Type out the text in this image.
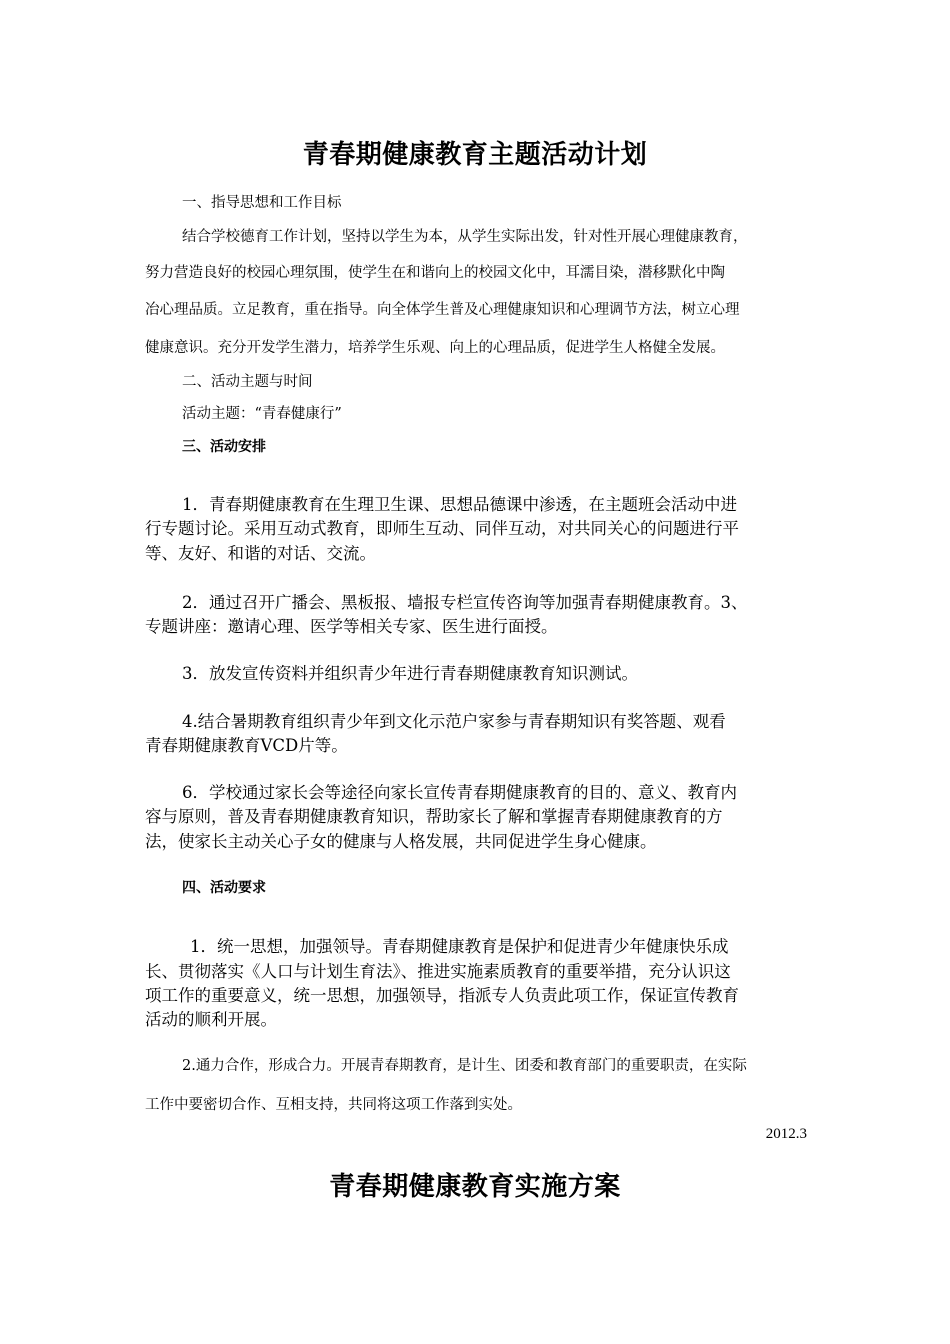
青春期健康教育主题活动计划
一、指导思想和工作目标
结合学校德育工作计划，坚持以学生为本，从学生实际出发，针对性开展心理健康教育，
努力营造良好的校园心理氛围，使学生在和谐向上的校园文化中，耳濡目染，潜移默化中陶
冶心理品质。立足教育，重在指导。向全体学生普及心理健康知识和心理调节方法，树立心理
健康意识。充分开发学生潜力，培养学生乐观、向上的心理品质，促进学生人格健全发展。
二、活动主题与时间
活动主题：“青春健康行”
三、活动安排
1．青春期健康教育在生理卫生课、思想品德课中渗透，在主题班会活动中进
行专题讨论。采用互动式教育，即师生互动、同伴互动，对共同关心的问题进行平
等、友好、和谐的对话、交流。
2．通过召开广播会、黑板报、墙报专栏宣传咨询等加强青春期健康教育。3、
专题讲座：邀请心理、医学等相关专家、医生进行面授。
3．放发宣传资料并组织青少年进行青春期健康教育知识测试。
4.结合暑期教育组织青少年到文化示范户家参与青春期知识有奖答题、观看
青春期健康教育VCD片等。
6．学校通过家长会等途径向家长宣传青春期健康教育的目的、意义、教育内
容与原则，普及青春期健康教育知识，帮助家长了解和掌握青春期健康教育的方
法，使家长主动关心子女的健康与人格发展，共同促进学生身心健康。
四、活动要求
1．统一思想，加强领导。青春期健康教育是保护和促进青少年健康快乐成
长、贯彻落实《人口与计划生育法》、推进实施素质教育的重要举措，充分认识这
项工作的重要意义，统一思想，加强领导，指派专人负责此项工作，保证宣传教育
活动的顺利开展。
2.通力合作，形成合力。开展青春期教育，是计生、团委和教育部门的重要职责，在实际
工作中要密切合作、互相支持，共同将这项工作落到实处。
2012.3
青春期健康教育实施方案
